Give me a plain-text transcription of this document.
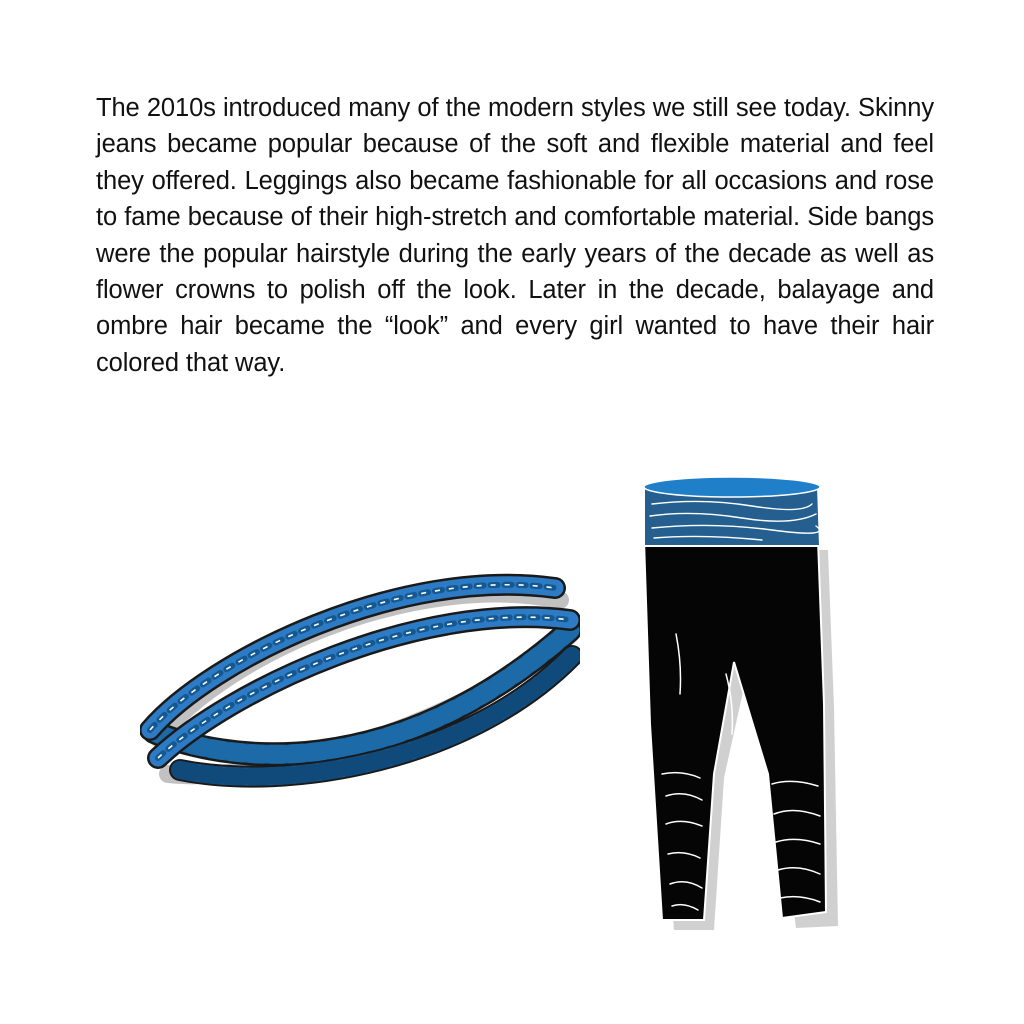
The 2010s introduced many of the modern styles we still see today. Skinny jeans became popular because of the soft and flexible material and feel they offered. Leggings also became fashionable for all occasions and rose to fame because of their high-stretch and comfortable material. Side bangs were the popular hairstyle during the early years of the decade as well as flower crowns to polish off the look. Later in the decade, balayage and ombre hair became the “look” and every girl wanted to have their hair colored that way.
